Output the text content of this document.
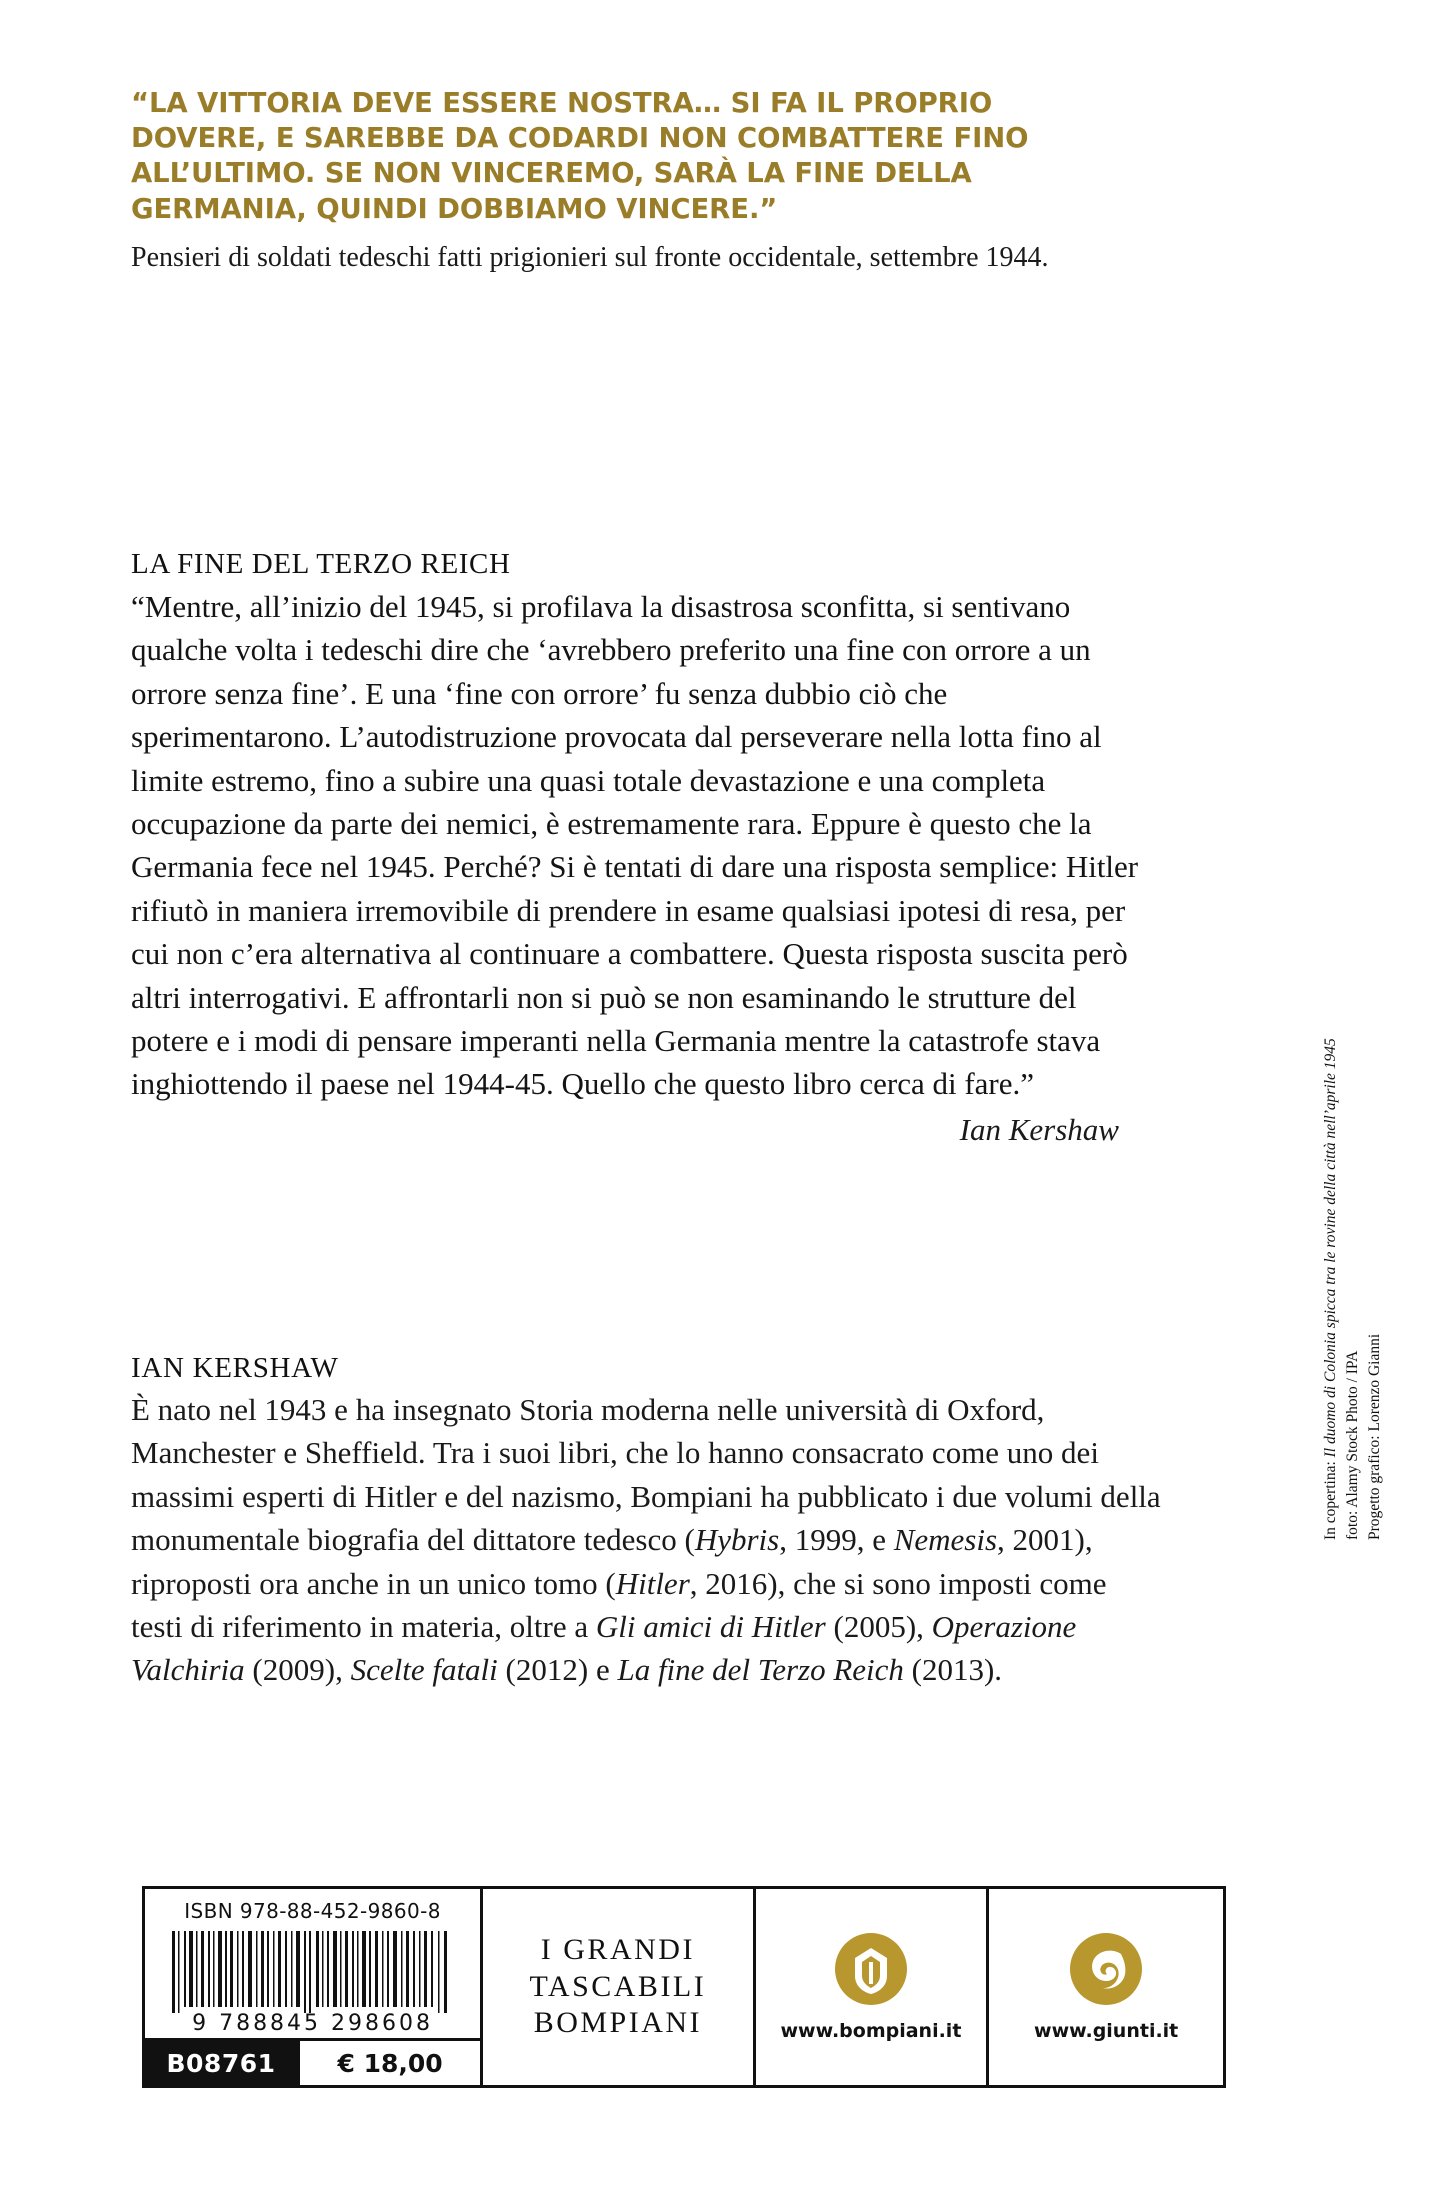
“LA VITTORIA DEVE ESSERE NOSTRA… SI FA IL PROPRIO DOVERE, E SAREBBE DA CODARDI NON COMBATTERE FINO ALL’ULTIMO. SE NON VINCEREMO, SARÀ LA FINE DELLA GERMANIA, QUINDI DOBBIAMO VINCERE.”
Pensieri di soldati tedeschi fatti prigionieri sul fronte occidentale, settembre 1944.
LA FINE DEL TERZO REICH
“Mentre, all’inizio del 1945, si profilava la disastrosa sconfitta, si sentivano qualche volta i tedeschi dire che ‘avrebbero preferito una fine con orrore a un orrore senza fine’. E una ‘fine con orrore’ fu senza dubbio ciò che sperimentarono. L’autodistruzione provocata dal perseverare nella lotta fino al limite estremo, fino a subire una quasi totale devastazione e una completa occupazione da parte dei nemici, è estremamente rara. Eppure è questo che la Germania fece nel 1945. Perché? Si è tentati di dare una risposta semplice: Hitler rifiutò in maniera irremovibile di prendere in esame qualsiasi ipotesi di resa, per cui non c’era alternativa al continuare a combattere. Questa risposta suscita però altri interrogativi. E affrontarli non si può se non esaminando le strutture del potere e i modi di pensare imperanti nella Germania mentre la catastrofe stava inghiottendo il paese nel 1944-45. Quello che questo libro cerca di fare.”
Ian Kershaw
IAN KERSHAW
È nato nel 1943 e ha insegnato Storia moderna nelle università di Oxford, Manchester e Sheffield. Tra i suoi libri, che lo hanno consacrato come uno dei massimi esperti di Hitler e del nazismo, Bompiani ha pubblicato i due volumi della monumentale biografia del dittatore tedesco (Hybris, 1999, e Nemesis, 2001), riproposti ora anche in un unico tomo (Hitler, 2016), che si sono imposti come testi di riferimento in materia, oltre a Gli amici di Hitler (2005), Operazione Valchiria (2009), Scelte fatali (2012) e La fine del Terzo Reich (2013).
ISBN 978-88-452-9860-8
9 788845 298608
B08761	€ 18,00
I GRANDI
TASCABILI
BOMPIANI	www.bompiani.it	www.giunti.it
In copertina: Il duomo di Colonia spicca tra le rovine della città nell’aprile 1945 foto: Alamy Stock Photo / IPA Progetto grafico: Lorenzo Gianni
